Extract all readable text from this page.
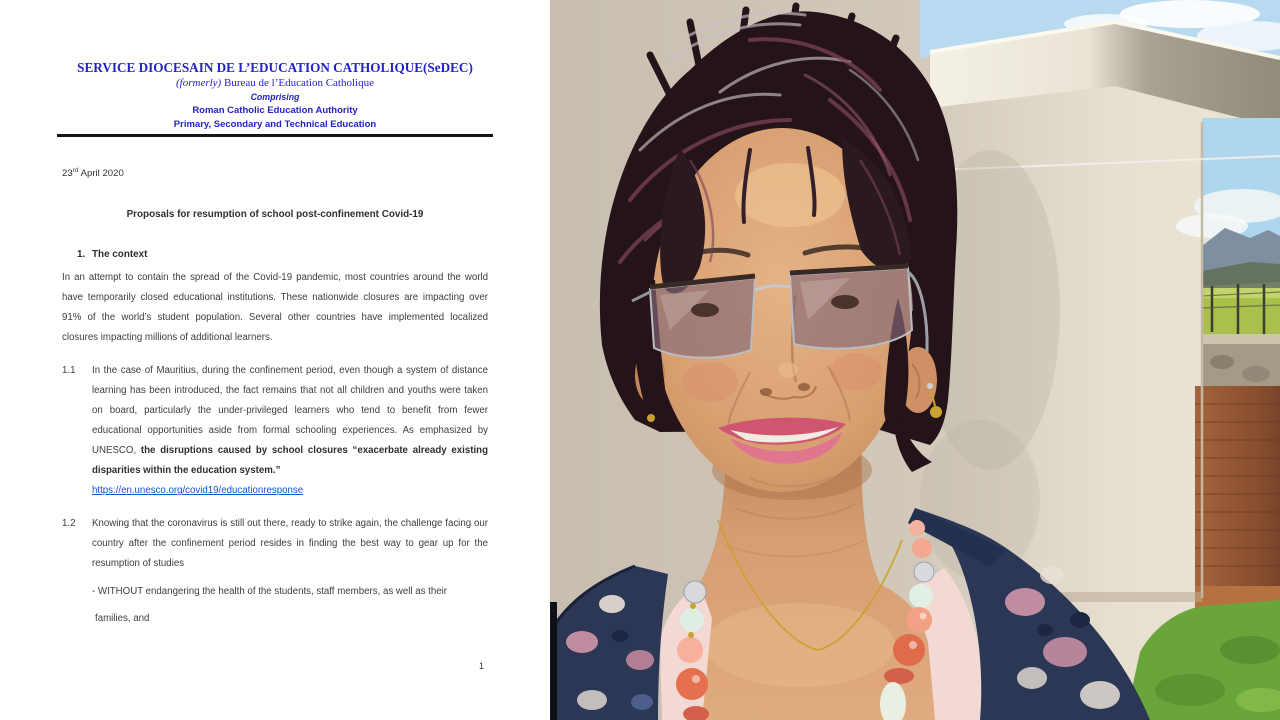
SERVICE DIOCESAIN DE L’EDUCATION CATHOLIQUE(SeDEC)
(formerly) Bureau de l’Education Catholique
Comprising
Roman Catholic Education Authority
Primary, Secondary and Technical Education
23rd April 2020
Proposals for resumption of school post-confinement Covid-19
1. The context
In an attempt to contain the spread of the Covid-19 pandemic, most countries around the world have temporarily closed educational institutions. These nationwide closures are impacting over 91% of the world’s student population. Several other countries have implemented localized closures impacting millions of additional learners.
1.1 In the case of Mauritius, during the confinement period, even though a system of distance learning has been introduced, the fact remains that not all children and youths were taken on board, particularly the under-privileged learners who tend to benefit from fewer educational opportunities aside from formal schooling experiences. As emphasized by UNESCO, the disruptions caused by school closures “exacerbate already existing disparities within the education system.”
https://en.unesco.org/covid19/educationresponse
1.2 Knowing that the coronavirus is still out there, ready to strike again, the challenge facing our country after the confinement period resides in finding the best way to gear up for the resumption of studies
- WITHOUT endangering the health of the students, staff members, as well as their
families, and
1
